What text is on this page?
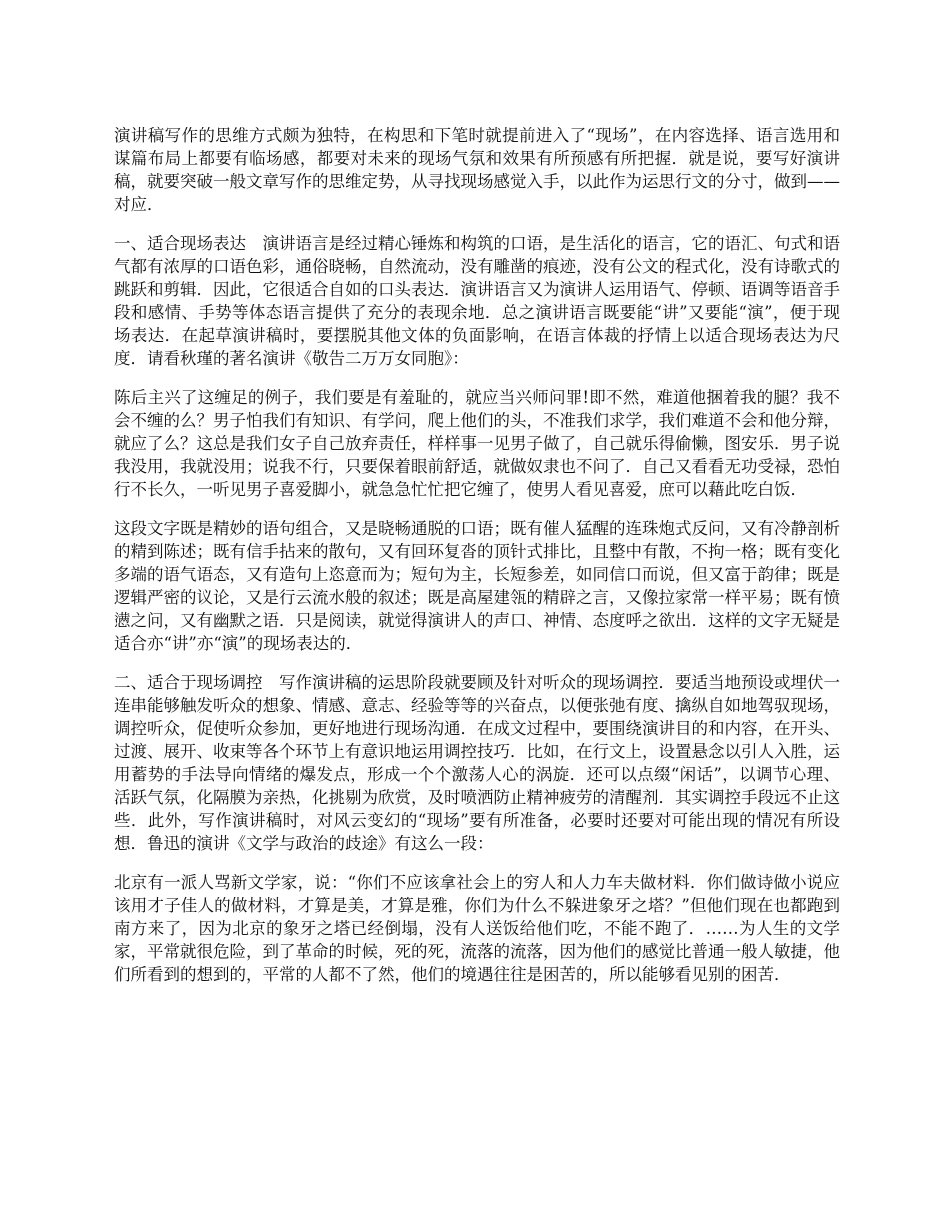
演讲稿写作的思维方式颇为独特，在构思和下笔时就提前进入了“现场”，在内容选择、语言选用和谋篇布局上都要有临场感，都要对未来的现场气氛和效果有所预感有所把握．就是说，要写好演讲稿，就要突破一般文章写作的思维定势，从寻找现场感觉入手，以此作为运思行文的分寸，做到——对应．

一、适合现场表达　演讲语言是经过精心锤炼和构筑的口语，是生活化的语言，它的语汇、句式和语气都有浓厚的口语色彩，通俗晓畅，自然流动，没有雕凿的痕迹，没有公文的程式化，没有诗歌式的跳跃和剪辑．因此，它很适合自如的口头表达．演讲语言又为演讲人运用语气、停顿、语调等语音手段和感情、手势等体态语言提供了充分的表现余地．总之演讲语言既要能“讲”又要能“演”，便于现场表达．在起草演讲稿时，要摆脱其他文体的负面影响，在语言体裁的抒情上以适合现场表达为尺度．请看秋瑾的著名演讲《敬告二万万女同胞》：

陈后主兴了这缠足的例子，我们要是有羞耻的，就应当兴师问罪!即不然，难道他捆着我的腿？我不会不缠的么？男子怕我们有知识、有学问，爬上他们的头，不准我们求学，我们难道不会和他分辩，就应了么？这总是我们女子自己放弃责任，样样事一见男子做了，自己就乐得偷懒，图安乐．男子说我没用，我就没用；说我不行，只要保着眼前舒适，就做奴隶也不问了．自己又看看无功受禄，恐怕行不长久，一听见男子喜爱脚小，就急急忙忙把它缠了，使男人看见喜爱，庶可以藉此吃白饭．

这段文字既是精妙的语句组合，又是晓畅通脱的口语；既有催人猛醒的连珠炮式反问，又有冷静剖析的精到陈述；既有信手拈来的散句，又有回环复沓的顶针式排比，且整中有散，不拘一格；既有变化多端的语气语态，又有造句上恣意而为；短句为主，长短参差，如同信口而说，但又富于韵律；既是逻辑严密的议论，又是行云流水般的叙述；既是高屋建瓴的精辟之言，又像拉家常一样平易；既有愤懑之问，又有幽默之语．只是阅读，就觉得演讲人的声口、神情、态度呼之欲出．这样的文字无疑是适合亦“讲”亦“演”的现场表达的．

二、适合于现场调控　写作演讲稿的运思阶段就要顾及针对听众的现场调控．要适当地预设或埋伏一连串能够触发听众的想象、情感、意志、经验等等的兴奋点，以便张弛有度、擒纵自如地驾驭现场，调控听众，促使听众参加，更好地进行现场沟通．在成文过程中，要围绕演讲目的和内容，在开头、过渡、展开、收束等各个环节上有意识地运用调控技巧．比如，在行文上，设置悬念以引人入胜，运用蓄势的手法导向情绪的爆发点，形成一个个激荡人心的涡旋．还可以点缀“闲话”，以调节心理、活跃气氛，化隔膜为亲热，化挑剔为欣赏，及时喷洒防止精神疲劳的清醒剂．其实调控手段远不止这些．此外，写作演讲稿时，对风云变幻的“现场”要有所准备，必要时还要对可能出现的情况有所设想．鲁迅的演讲《文学与政治的歧途》有这么一段：

北京有一派人骂新文学家，说：“你们不应该拿社会上的穷人和人力车夫做材料．你们做诗做小说应该用才子佳人的做材料，才算是美，才算是雅，你们为什么不躲进象牙之塔？”但他们现在也都跑到南方来了，因为北京的象牙之塔已经倒塌，没有人送饭给他们吃，不能不跑了．……为人生的文学家，平常就很危险，到了革命的时候，死的死，流落的流落，因为他们的感觉比普通一般人敏捷，他们所看到的想到的，平常的人都不了然，他们的境遇往往是困苦的，所以能够看见别的困苦．
